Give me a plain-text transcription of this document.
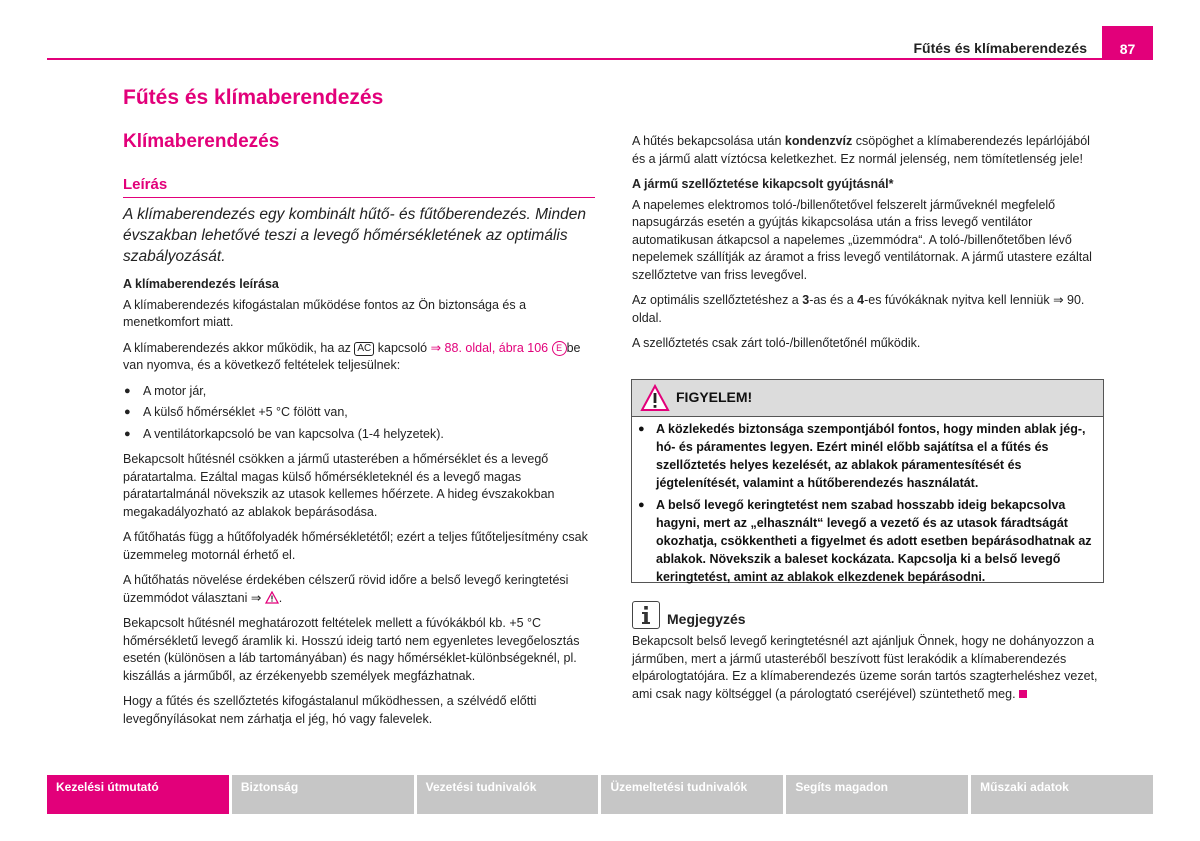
Fűtés és klímaberendezés	87
Fűtés és klímaberendezés
Klímaberendezés
Leírás

A klímaberendezés egy kombinált hűtő- és fűtőberendezés. Minden évszakban lehetővé teszi a levegő hőmérsékletének az optimális szabályozását.

A klímaberendezés leírása

A klímaberendezés kifogástalan működése fontos az Ön biztonsága és a menetkomfort miatt.

A klímaberendezés akkor működik, ha az AC kapcsoló ⇒ 88. oldal, ábra 106 E be van nyomva, és a következő feltételek teljesülnek:

● A motor jár,
● A külső hőmérséklet +5 °C fölött van,
● A ventilátorkapcsoló be van kapcsolva (1-4 helyzetek).

Bekapcsolt hűtésnél csökken a jármű utasterében a hőmérséklet és a levegő páratartalma. Ezáltal magas külső hőmérsékleteknél és a levegő magas páratartalmánál növekszik az utasok kellemes hőérzete. A hideg évszakokban megakadályozható az ablakok bepárásodása.

A fűtőhatás függ a hűtőfolyadék hőmérsékletétől; ezért a teljes fűtőteljesítmény csak üzemmeleg motornál érhető el.

A hűtőhatás növelése érdekében célszerű rövid időre a belső levegő keringtetési üzemmódot választani ⇒ .

Bekapcsolt hűtésnél meghatározott feltételek mellett a fúvókákból kb. +5 °C hőmérsékletű levegő áramlik ki. Hosszú ideig tartó nem egyenletes levegőelosztás esetén (különösen a láb tartományában) és nagy hőmérséklet-különbségeknél, pl. kiszállás a járműből, az érzékenyebb személyek megfázhatnak.

Hogy a fűtés és szellőztetés kifogástalanul működhessen, a szélvédő előtti levegőnyílásokat nem zárhatja el jég, hó vagy falevelek.

A hűtés bekapcsolása után kondenzvíz csöpöghet a klímaberendezés lepárlójából és a jármű alatt víztócsa keletkezhet. Ez normál jelenség, nem tömítetlenség jele!

A jármű szellőztetése kikapcsolt gyújtásnál*

A napelemes elektromos toló-/billenőtetővel felszerelt járműveknél megfelelő napsugárzás esetén a gyújtás kikapcsolása után a friss levegő ventilátor automatikusan átkapcsol a napelemes „üzemmódra“. A toló-/billenőtetőben lévő nepelemek szállítják az áramot a friss levegő ventilátornak. A jármű utastere ezáltal szellőztetve van friss levegővel.

Az optimális szellőztetéshez a 3-as és a 4-es fúvókáknak nyitva kell lenniük ⇒ 90. oldal.

A szellőztetés csak zárt toló-/billenőtetőnél működik.

FIGYELEM!

● A közlekedés biztonsága szempontjából fontos, hogy minden ablak jég-, hó- és páramentes legyen. Ezért minél előbb sajátítsa el a fűtés és szellőztetés helyes kezelését, az ablakok páramentesítését és jégtelenítését, valamint a hűtőberendezés használatát.

● A belső levegő keringtetést nem szabad hosszabb ideig bekapcsolva hagyni, mert az „elhasznált“ levegő a vezető és az utasok fáradtságát okozhatja, csökkentheti a figyelmet és adott esetben bepárásodhatnak az ablakok. Növekszik a baleset kockázata. Kapcsolja ki a belső levegő keringtetést, amint az ablakok elkezdenek bepárásodni.

Megjegyzés

Bekapcsolt belső levegő keringtetésnél azt ajánljuk Önnek, hogy ne dohányozzon a járműben, mert a jármű utasteréből beszívott füst lerakódik a klímaberendezés elpárologtatójára. Ez a klímaberendezés üzeme során tartós szagterheléshez vezet, ami csak nagy költséggel (a párologtató cseréjével) szüntethető meg.

Kezelési útmutató	Biztonság	Vezetési tudnivalók	Üzemeltetési tudnivalók	Segíts magadon	Műszaki adatok
